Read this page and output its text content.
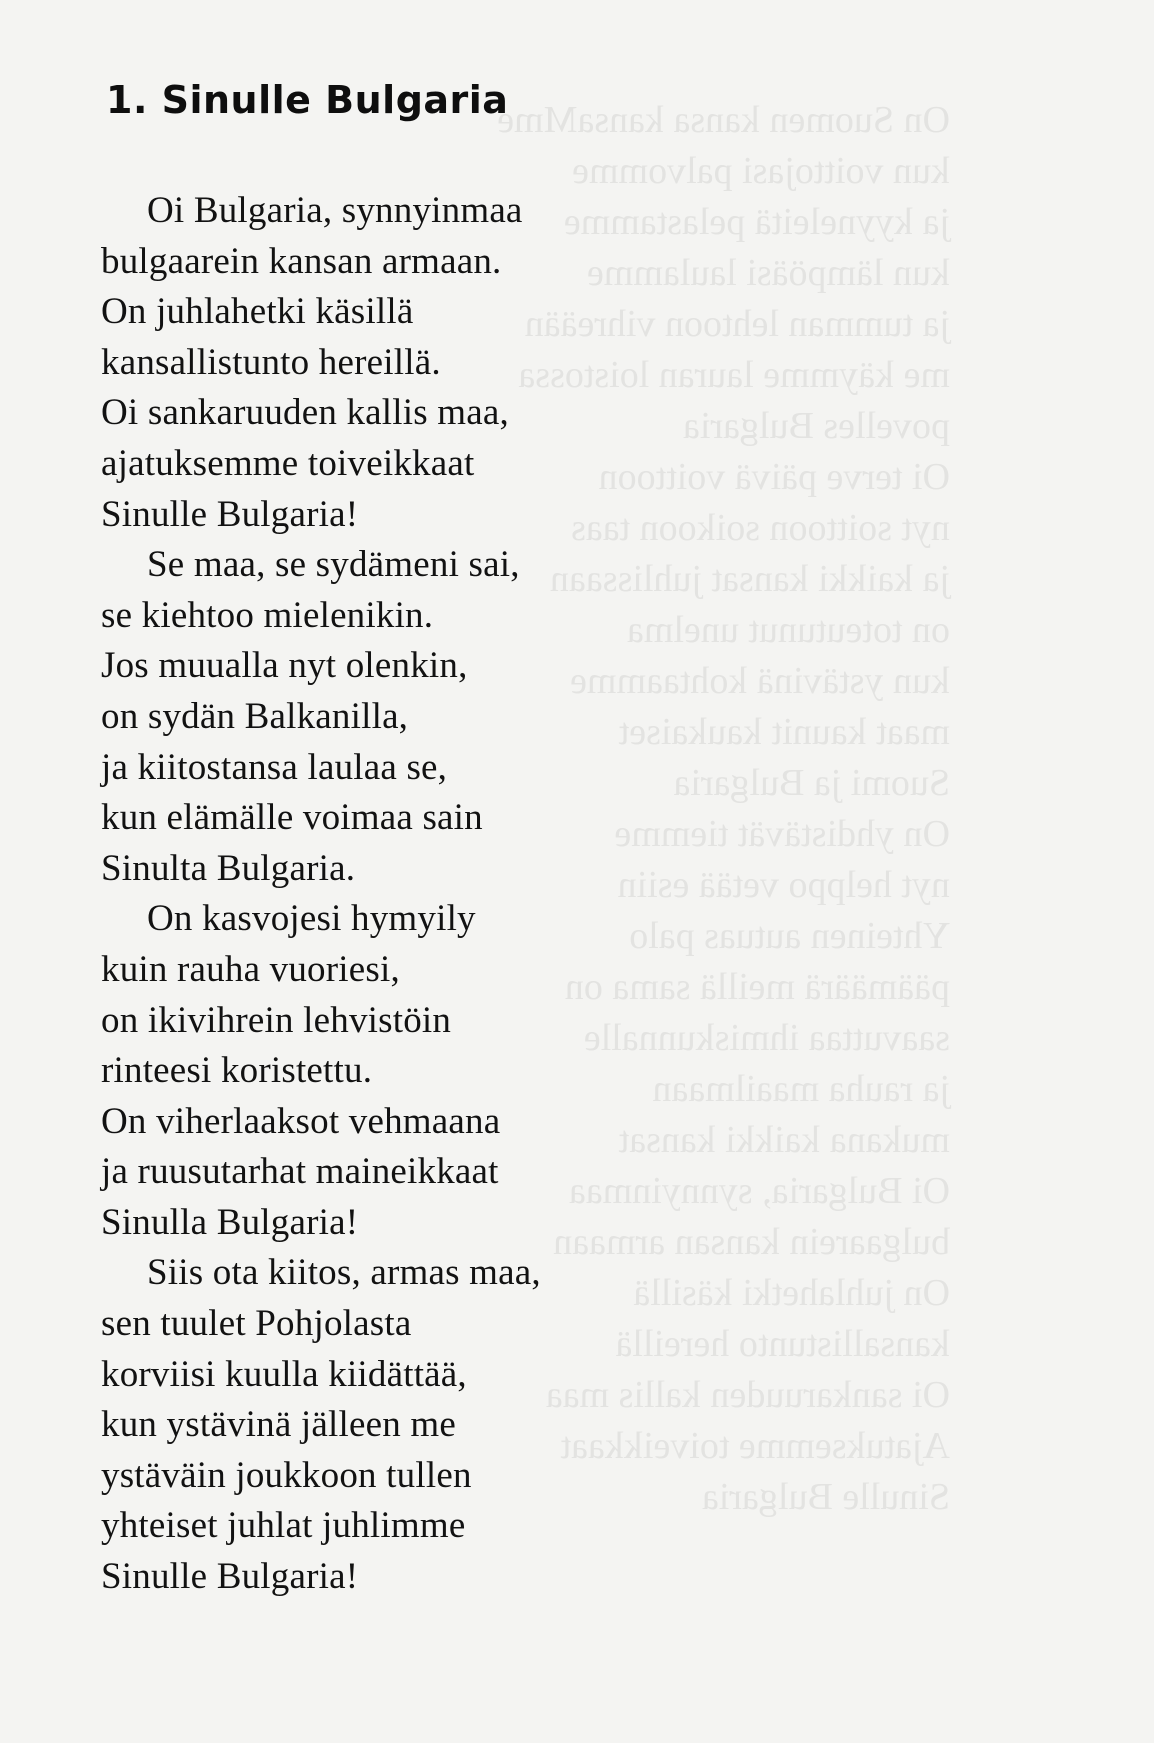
On Suomen kansa kansaMme
kun voittojasi palvomme
ja kyyneleitä pelastamme
kun lämpöäsi laulamme
ja tumman lehtoon vihreään
me käymme lauran loistossa
povelles Bulgaria
Oi terve päivä voittoon
nyt soittoon soikoon taas
ja kaikki kansat juhlissaan
on toteutunut unelma
kun ystävinä kohtaamme
maat kaunit kaukaiset
Suomi ja Bulgaria
On yhdistävät tiemme
nyt helppo vetää esiin
Yhteinen autuas palo
päämäärä meillä sama on
saavuttaa ihmiskunnalle
ja rauha maailmaan
mukana kaikki kansat
Oi Bulgaria, synnyinmaa
bulgaarein kansan armaan
On juhlahetki käsillä
kansallistunto hereillä
Oi sankaruuden kallis maa
Ajatuksemme toiveikkaat
Sinulle Bulgaria
1. Sinulle Bulgaria
Oi Bulgaria, synnyinmaa
bulgaarein kansan armaan.
On juhlahetki käsillä
kansallistunto hereillä.
Oi sankaruuden kallis maa,
ajatuksemme toiveikkaat
Sinulle Bulgaria!
Se maa, se sydämeni sai,
se kiehtoo mielenikin.
Jos muualla nyt olenkin,
on sydän Balkanilla,
ja kiitostansa laulaa se,
kun elämälle voimaa sain
Sinulta Bulgaria.
On kasvojesi hymyily
kuin rauha vuoriesi,
on ikivihrein lehvistöin
rinteesi koristettu.
On viherlaaksot vehmaana
ja ruusutarhat maineikkaat
Sinulla Bulgaria!
Siis ota kiitos, armas maa,
sen tuulet Pohjolasta
korviisi kuulla kiidättää,
kun ystävinä jälleen me
ystäväin joukkoon tullen
yhteiset juhlat juhlimme
Sinulle Bulgaria!
